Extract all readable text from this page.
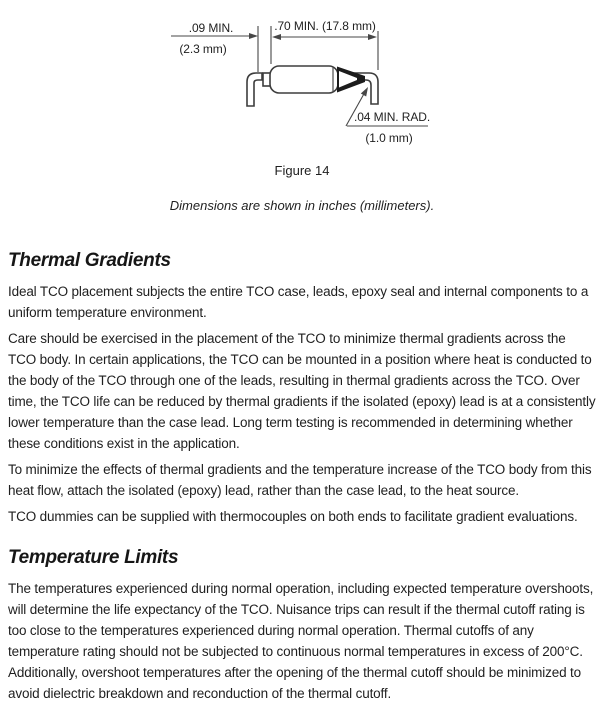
.09 MIN.
(2.3 mm)
.70 MIN. (17.8 mm)
.04 MIN. RAD.
(1.0 mm)
Figure 14
Dimensions are shown in inches (millimeters).
Thermal Gradients

Ideal TCO placement subjects the entire TCO case, leads, epoxy seal and internal components to a uniform temperature environment.

Care should be exercised in the placement of the TCO to minimize thermal gradients across the TCO body. In certain applications, the TCO can be mounted in a position where heat is conducted to the body of the TCO through one of the leads, resulting in thermal gradients across the TCO. Over time, the TCO life can be reduced by thermal gradients if the isolated (epoxy) lead is at a consistently lower temperature than the case lead. Long term testing is recommended in determining whether these conditions exist in the application.

To minimize the effects of thermal gradients and the temperature increase of the TCO body from this heat flow, attach the isolated (epoxy) lead, rather than the case lead, to the heat source.

TCO dummies can be supplied with thermocouples on both ends to facilitate gradient evaluations.

Temperature Limits

The temperatures experienced during normal operation, including expected temperature overshoots, will determine the life expectancy of the TCO. Nuisance trips can result if the thermal cutoff rating is too close to the temperatures experienced during normal operation. Thermal cutoffs of any temperature rating should not be subjected to continuous normal temperatures in excess of 200°C. Additionally, overshoot temperatures after the opening of the thermal cutoff should be minimized to avoid dielectric breakdown and reconduction of the thermal cutoff.
